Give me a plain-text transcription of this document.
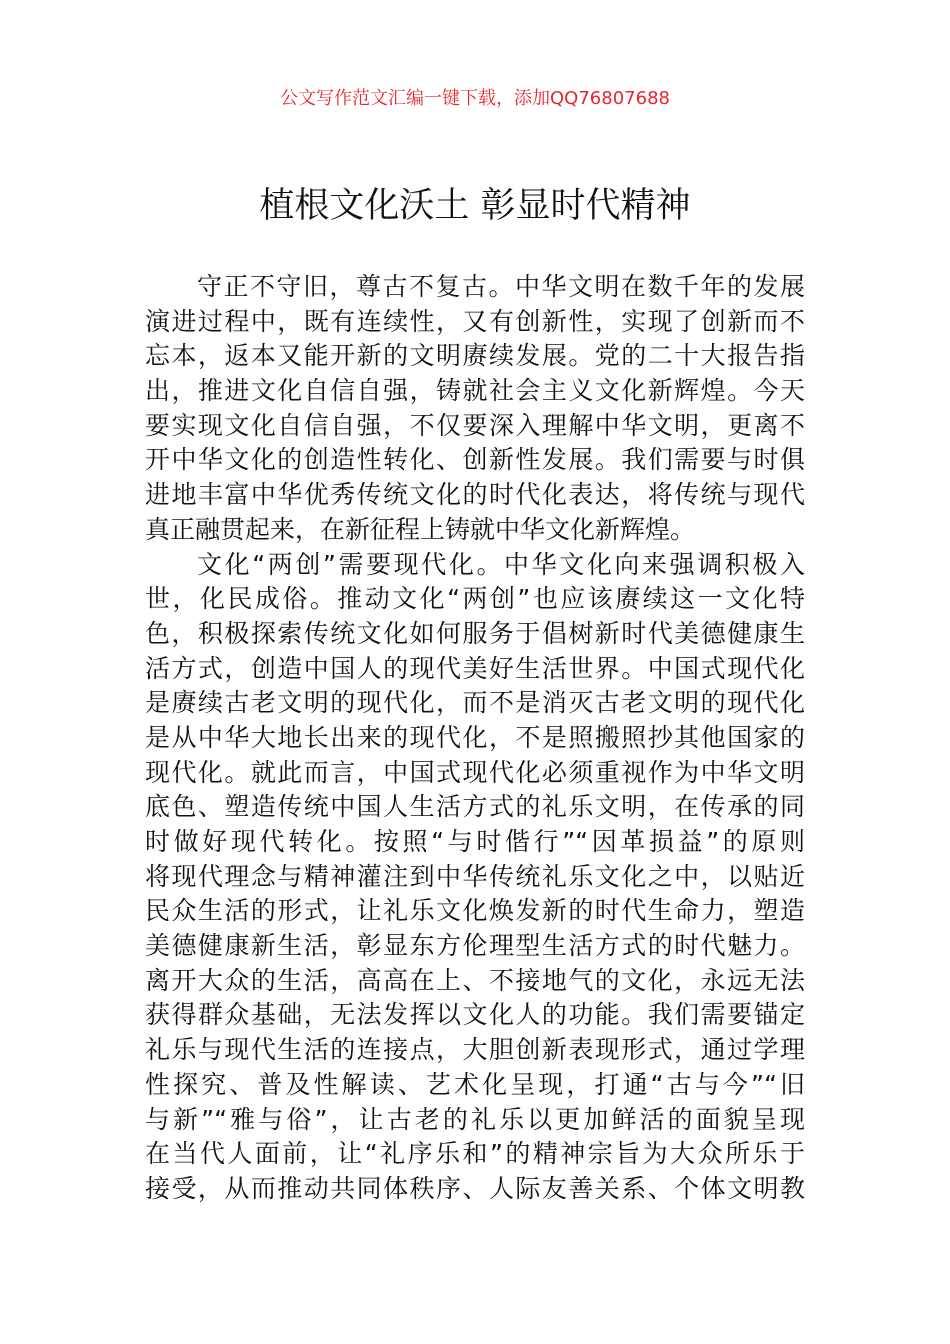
公文写作范文汇编一键下载，添加QQ76807688
植根文化沃土 彰显时代精神
守正不守旧，尊古不复古。中华文明在数千年的发展
演进过程中，既有连续性，又有创新性，实现了创新而不
忘本，返本又能开新的文明赓续发展。党的二十大报告指
出，推进文化自信自强，铸就社会主义文化新辉煌。今天
要实现文化自信自强，不仅要深入理解中华文明，更离不
开中华文化的创造性转化、创新性发展。我们需要与时俱
进地丰富中华优秀传统文化的时代化表达，将传统与现代
真正融贯起来，在新征程上铸就中华文化新辉煌。
文化“两创”需要现代化。中华文化向来强调积极入
世，化民成俗。推动文化“两创”也应该赓续这一文化特
色，积极探索传统文化如何服务于倡树新时代美德健康生
活方式，创造中国人的现代美好生活世界。中国式现代化
是赓续古老文明的现代化，而不是消灭古老文明的现代化
是从中华大地长出来的现代化，不是照搬照抄其他国家的
现代化。就此而言，中国式现代化必须重视作为中华文明
底色、塑造传统中国人生活方式的礼乐文明，在传承的同
时做好现代转化。按照“与时偕行”“因革损益”的原则
将现代理念与精神灌注到中华传统礼乐文化之中，以贴近
民众生活的形式，让礼乐文化焕发新的时代生命力，塑造
美德健康新生活，彰显东方伦理型生活方式的时代魅力。
离开大众的生活，高高在上、不接地气的文化，永远无法
获得群众基础，无法发挥以文化人的功能。我们需要锚定
礼乐与现代生活的连接点，大胆创新表现形式，通过学理
性探究、普及性解读、艺术化呈现，打通“古与今”“旧
与新”“雅与俗”，让古老的礼乐以更加鲜活的面貌呈现
在当代人面前，让“礼序乐和”的精神宗旨为大众所乐于
接受，从而推动共同体秩序、人际友善关系、个体文明教
